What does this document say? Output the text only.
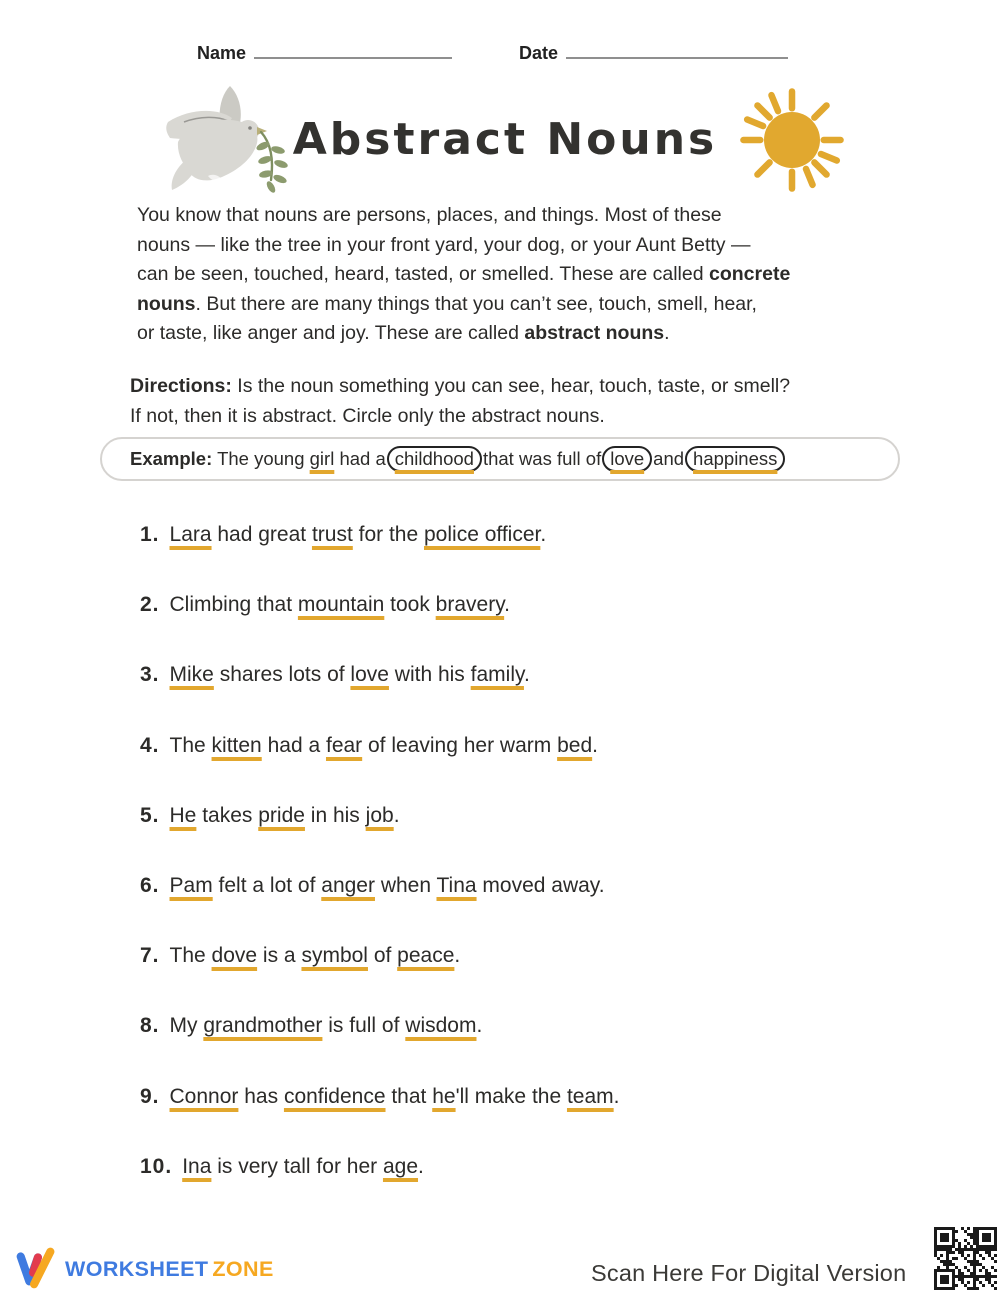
Name	Date
Abstract Nouns
You know that nouns are persons, places, and things. Most of these
nouns — like the tree in your front yard, your dog, or your Aunt Betty —
can be seen, touched, heard, tasted, or smelled. These are called concrete
nouns. But there are many things that you can’t see, touch, smell, hear,
or taste, like anger and joy. These are called abstract nouns.
Directions: Is the noun something you can see, hear, touch, taste, or smell?
If not, then it is abstract. Circle only the abstract nouns.
Example: The young girl had a childhood that was full of love and happiness
1. Lara had great trust for the police officer.
2. Climbing that mountain took bravery.
3. Mike shares lots of love with his family.
4. The kitten had a fear of leaving her warm bed.
5. He takes pride in his job.
6. Pam felt a lot of anger when Tina moved away.
7. The dove is a symbol of peace.
8. My grandmother is full of wisdom.
9. Connor has confidence that he'll make the team.
10. Ina is very tall for her age.
WORKSHEET ZONE	Scan Here For Digital Version
